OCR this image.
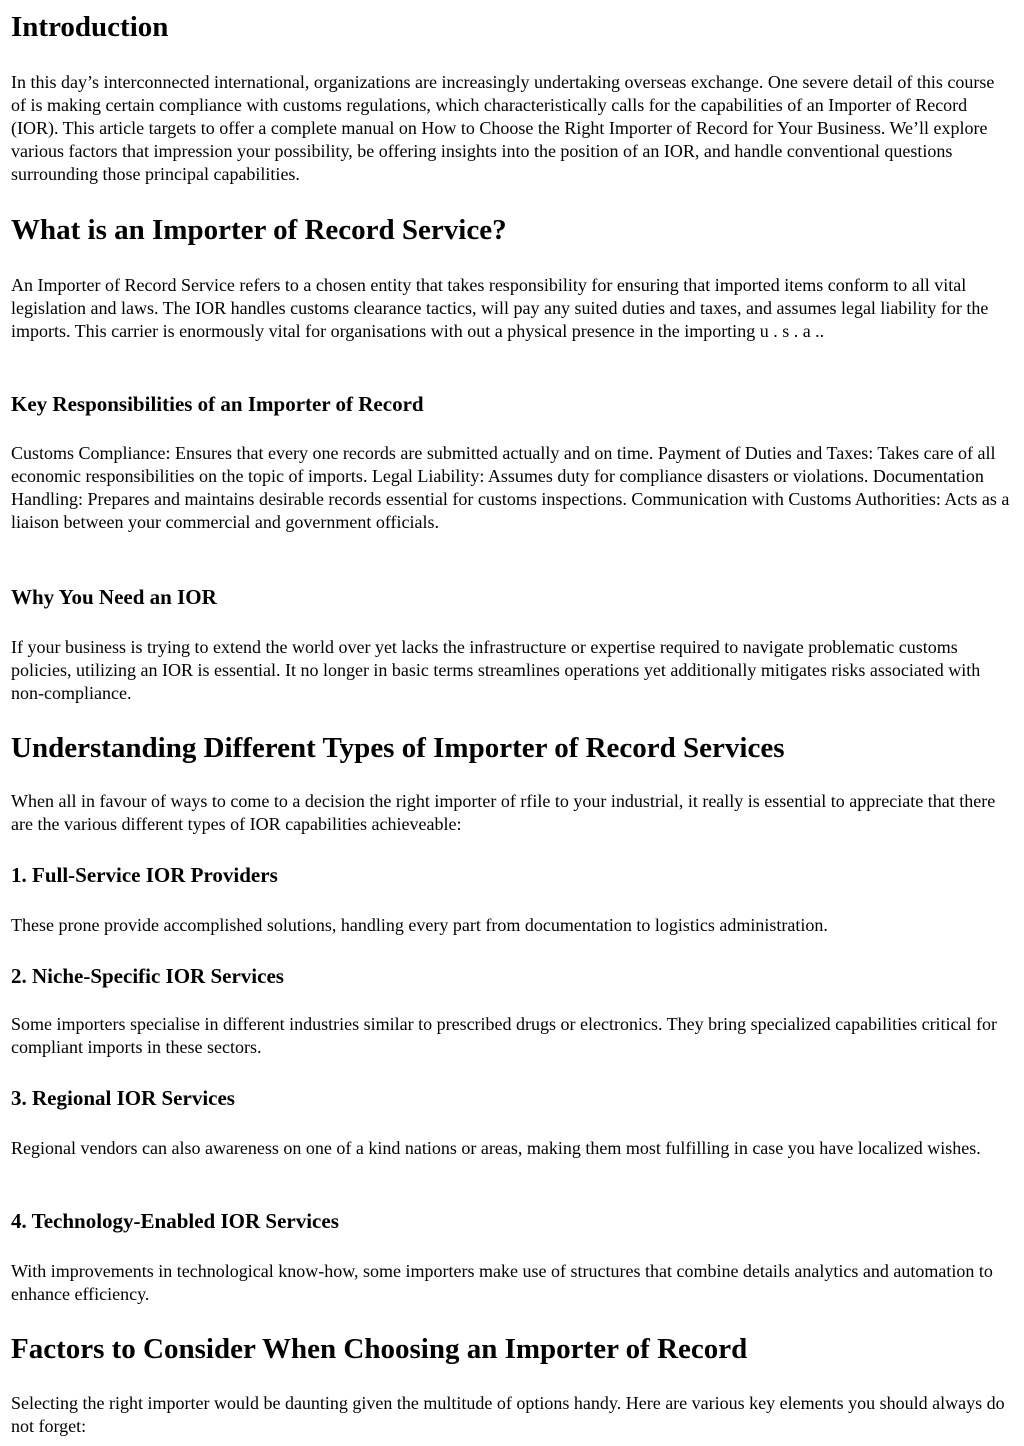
Introduction

In this day’s interconnected international, organizations are increasingly undertaking overseas exchange. One severe detail of this course of is making certain compliance with customs regulations, which characteristically calls for the capabilities of an Importer of Record (IOR). This article targets to offer a complete manual on How to Choose the Right Importer of Record for Your Business. We’ll explore various factors that impression your possibility, be offering insights into the position of an IOR, and handle conventional questions surrounding those principal capabilities.

What is an Importer of Record Service?

An Importer of Record Service refers to a chosen entity that takes responsibility for ensuring that imported items conform to all vital legislation and laws. The IOR handles customs clearance tactics, will pay any suited duties and taxes, and assumes legal liability for the imports. This carrier is enormously vital for organisations with out a physical presence in the importing u . s . a ..

Key Responsibilities of an Importer of Record

Customs Compliance: Ensures that every one records are submitted actually and on time. Payment of Duties and Taxes: Takes care of all economic responsibilities on the topic of imports. Legal Liability: Assumes duty for compliance disasters or violations. Documentation Handling: Prepares and maintains desirable records essential for customs inspections. Communication with Customs Authorities: Acts as a liaison between your commercial and government officials.

Why You Need an IOR

If your business is trying to extend the world over yet lacks the infrastructure or expertise required to navigate problematic customs policies, utilizing an IOR is essential. It no longer in basic terms streamlines operations yet additionally mitigates risks associated with non-compliance.

Understanding Different Types of Importer of Record Services

When all in favour of ways to come to a decision the right importer of rfile to your industrial, it really is essential to appreciate that there are the various different types of IOR capabilities achieveable:

1. Full-Service IOR Providers

These prone provide accomplished solutions, handling every part from documentation to logistics administration.

2. Niche-Specific IOR Services

Some importers specialise in different industries similar to prescribed drugs or electronics. They bring specialized capabilities critical for compliant imports in these sectors.

3. Regional IOR Services

Regional vendors can also awareness on one of a kind nations or areas, making them most fulfilling in case you have localized wishes.

4. Technology-Enabled IOR Services

With improvements in technological know-how, some importers make use of structures that combine details analytics and automation to enhance efficiency.

Factors to Consider When Choosing an Importer of Record

Selecting the right importer would be daunting given the multitude of options handy. Here are various key elements you should always do not forget:
